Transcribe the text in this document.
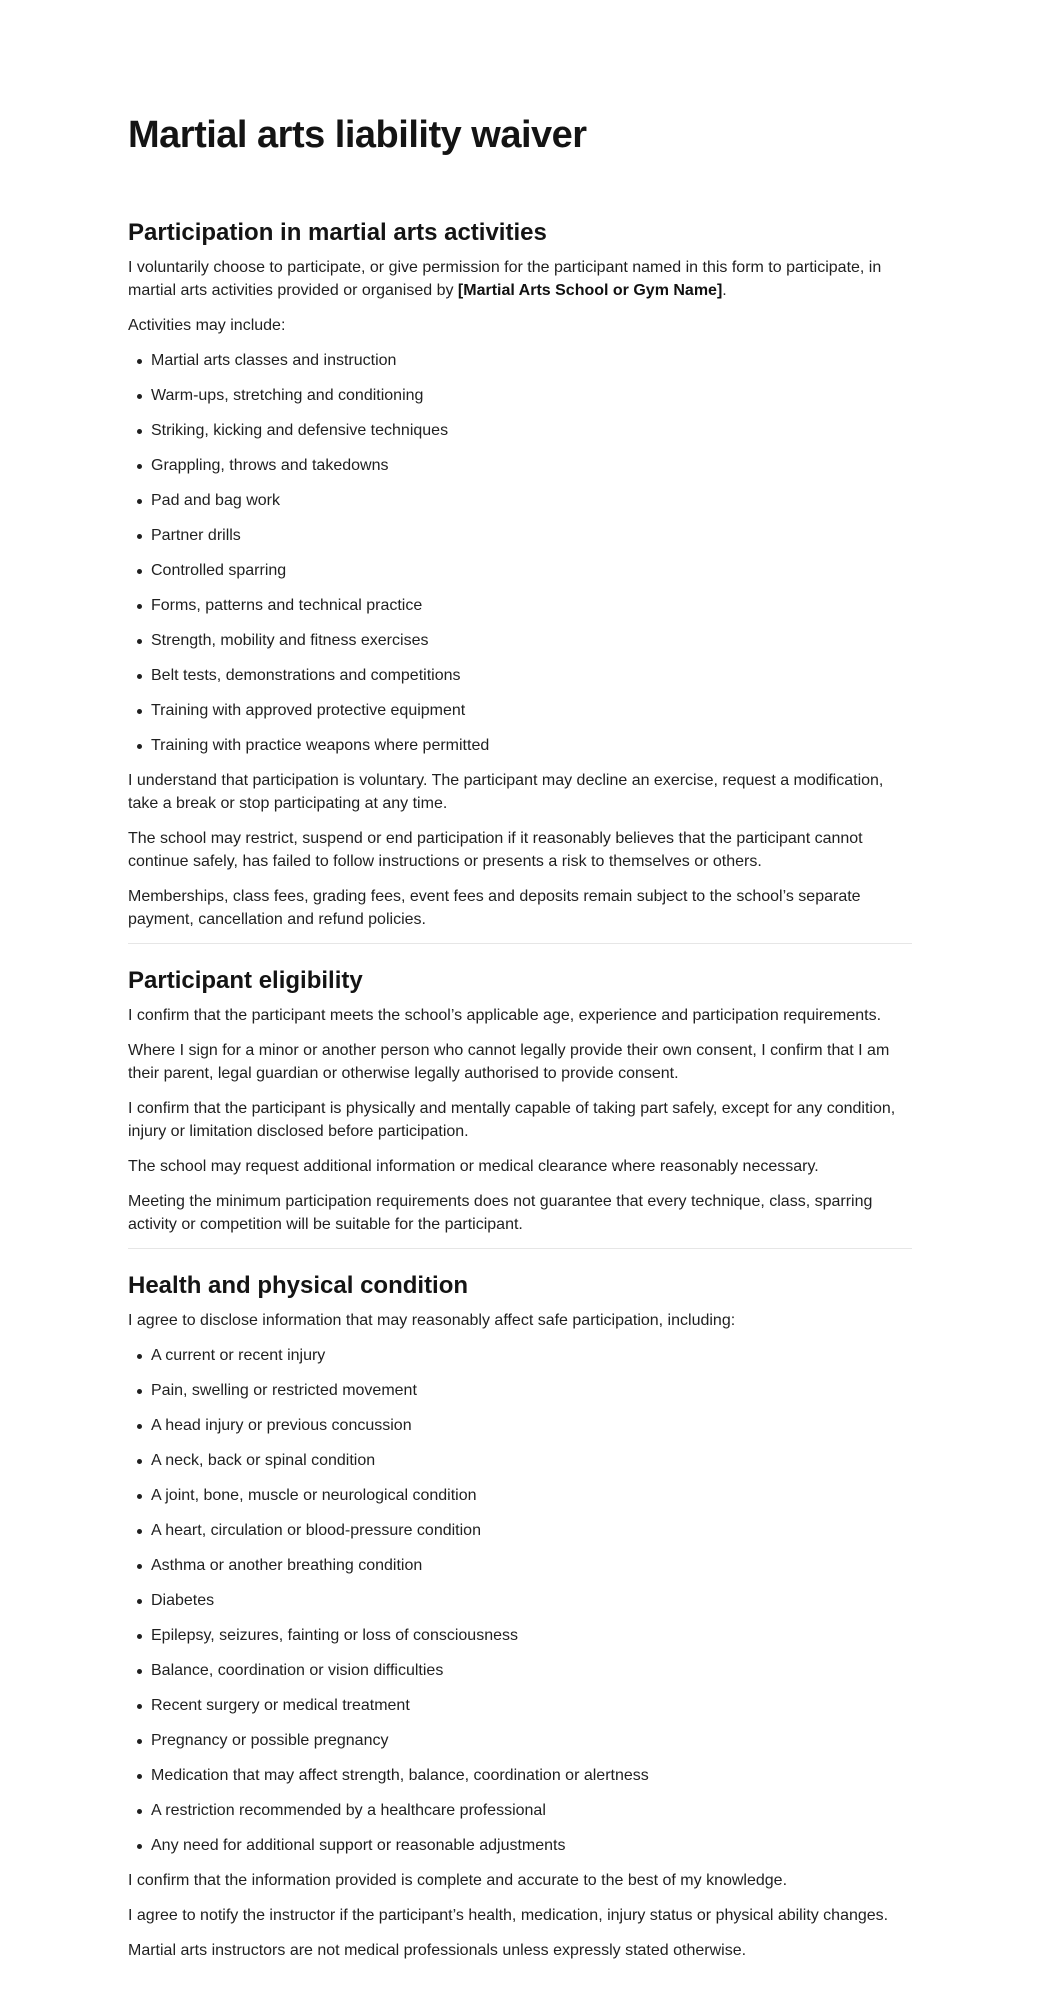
Martial arts liability waiver
Participation in martial arts activities

I voluntarily choose to participate, or give permission for the participant named in this form to participate, in martial arts activities provided or organised by [Martial Arts School or Gym Name].

Activities may include:

Martial arts classes and instruction
Warm-ups, stretching and conditioning
Striking, kicking and defensive techniques
Grappling, throws and takedowns
Pad and bag work
Partner drills
Controlled sparring
Forms, patterns and technical practice
Strength, mobility and fitness exercises
Belt tests, demonstrations and competitions
Training with approved protective equipment
Training with practice weapons where permitted

I understand that participation is voluntary. The participant may decline an exercise, request a modification, take a break or stop participating at any time.

The school may restrict, suspend or end participation if it reasonably believes that the participant cannot continue safely, has failed to follow instructions or presents a risk to themselves or others.

Memberships, class fees, grading fees, event fees and deposits remain subject to the school’s separate payment, cancellation and refund policies.

Participant eligibility

I confirm that the participant meets the school’s applicable age, experience and participation requirements.

Where I sign for a minor or another person who cannot legally provide their own consent, I confirm that I am their parent, legal guardian or otherwise legally authorised to provide consent.

I confirm that the participant is physically and mentally capable of taking part safely, except for any condition, injury or limitation disclosed before participation.

The school may request additional information or medical clearance where reasonably necessary.

Meeting the minimum participation requirements does not guarantee that every technique, class, sparring activity or competition will be suitable for the participant.

Health and physical condition

I agree to disclose information that may reasonably affect safe participation, including:

A current or recent injury
Pain, swelling or restricted movement
A head injury or previous concussion
A neck, back or spinal condition
A joint, bone, muscle or neurological condition
A heart, circulation or blood-pressure condition
Asthma or another breathing condition
Diabetes
Epilepsy, seizures, fainting or loss of consciousness
Balance, coordination or vision difficulties
Recent surgery or medical treatment
Pregnancy or possible pregnancy
Medication that may affect strength, balance, coordination or alertness
A restriction recommended by a healthcare professional
Any need for additional support or reasonable adjustments

I confirm that the information provided is complete and accurate to the best of my knowledge.

I agree to notify the instructor if the participant’s health, medication, injury status or physical ability changes.

Martial arts instructors are not medical professionals unless expressly stated otherwise.
